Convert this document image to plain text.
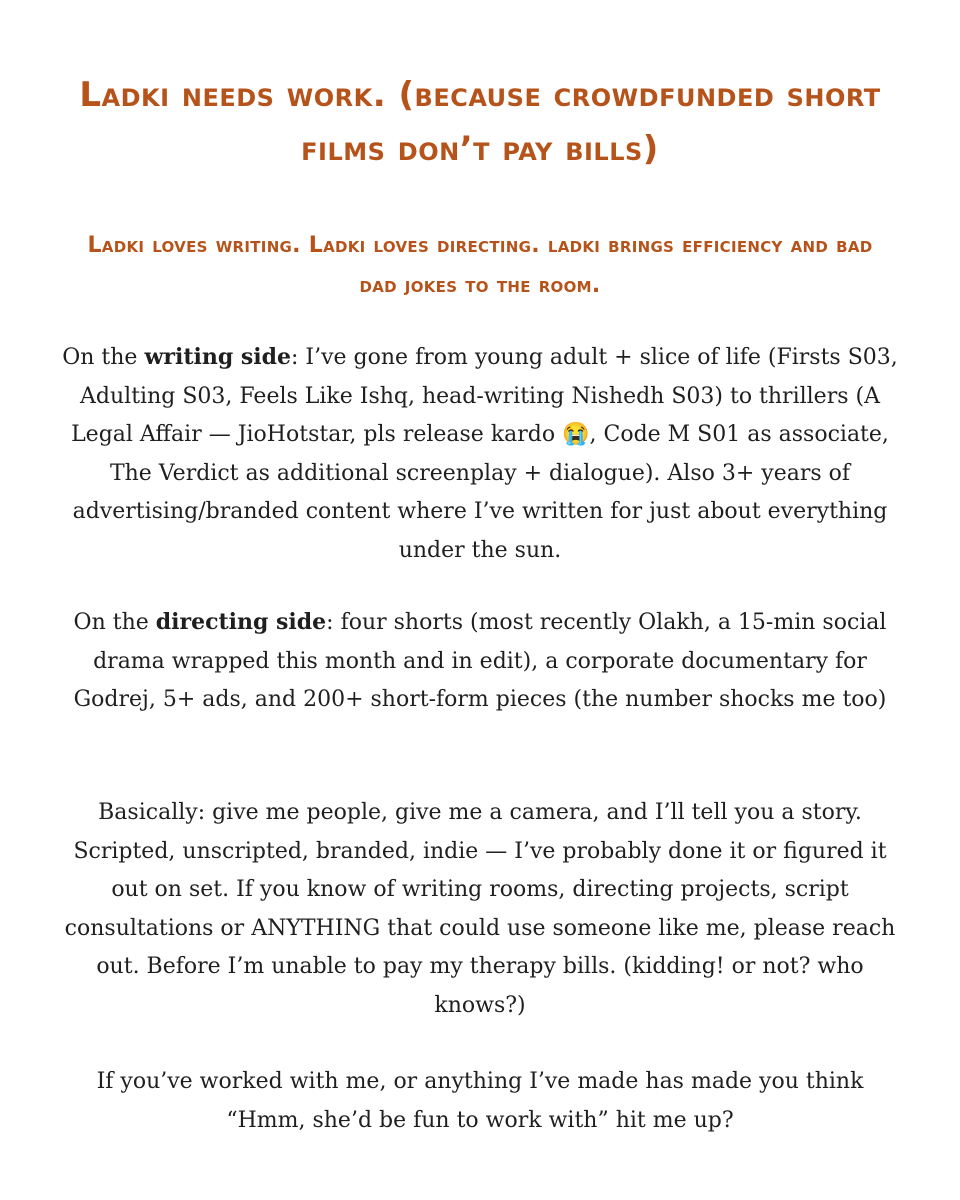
Ladki needs work. (because crowdfunded short films don’t pay bills)
Ladki loves writing. Ladki loves directing. ladki brings efficiency and bad dad jokes to the room.

On the writing side: I’ve gone from young adult + slice of life (Firsts S03, Adulting S03, Feels Like Ishq, head-writing Nishedh S03) to thrillers (A Legal Affair — JioHotstar, pls release kardo 😭, Code M S01 as associate, The Verdict as additional screenplay + dialogue). Also 3+ years of advertising/branded content where I’ve written for just about everything under the sun.

On the directing side: four shorts (most recently Olakh, a 15-min social drama wrapped this month and in edit), a corporate documentary for Godrej, 5+ ads, and 200+ short-form pieces (the number shocks me too)

Basically: give me people, give me a camera, and I’ll tell you a story. Scripted, unscripted, branded, indie — I’ve probably done it or figured it out on set. If you know of writing rooms, directing projects, script consultations or ANYTHING that could use someone like me, please reach out. Before I’m unable to pay my therapy bills. (kidding! or not? who knows?)

If you’ve worked with me, or anything I’ve made has made you think “Hmm, she’d be fun to work with” hit me up?
